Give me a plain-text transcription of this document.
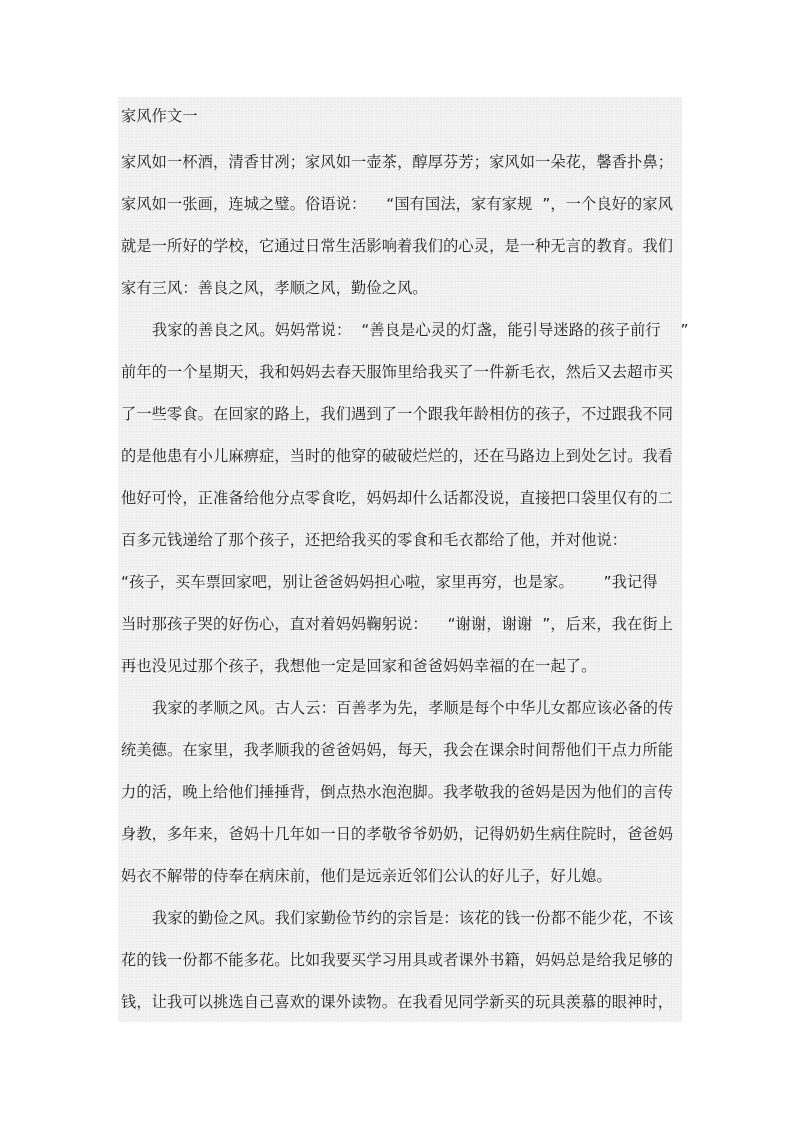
家风作文一
家风如一杯酒，清香甘冽；家风如一壶茶，醇厚芬芳；家风如一朵花，馨香扑鼻；
家风如一张画，连城之璧。俗语说：    “国有国法，家有家规  ”，一个良好的家风
就是一所好的学校，它通过日常生活影响着我们的心灵，是一种无言的教育。我们
家有三风：善良之风，孝顺之风，勤俭之风。
我家的善良之风。妈妈常说：  “善良是心灵的灯盏，能引导迷路的孩子前行    ”
前年的一个星期天，我和妈妈去春天服饰里给我买了一件新毛衣，然后又去超市买
了一些零食。在回家的路上，我们遇到了一个跟我年龄相仿的孩子，不过跟我不同
的是他患有小儿麻痹症，当时的他穿的破破烂烂的，还在马路边上到处乞讨。我看
他好可怜，正准备给他分点零食吃，妈妈却什么话都没说，直接把口袋里仅有的二
百多元钱递给了那个孩子，还把给我买的零食和毛衣都给了他，并对他说：
“孩子，买车票回家吧，别让爸爸妈妈担心啦，家里再穷，也是家。      ”我记得
当时那孩子哭的好伤心，直对着妈妈鞠躬说：    “谢谢，谢谢  ”，后来，我在街上
再也没见过那个孩子，我想他一定是回家和爸爸妈妈幸福的在一起了。
我家的孝顺之风。古人云：百善孝为先，孝顺是每个中华儿女都应该必备的传
统美德。在家里，我孝顺我的爸爸妈妈，每天，我会在课余时间帮他们干点力所能
力的活，晚上给他们捶捶背，倒点热水泡泡脚。我孝敬我的爸妈是因为他们的言传
身教，多年来，爸妈十几年如一日的孝敬爷爷奶奶，记得奶奶生病住院时，爸爸妈
妈衣不解带的侍奉在病床前，他们是远亲近邻们公认的好儿子，好儿媳。
我家的勤俭之风。我们家勤俭节约的宗旨是：该花的钱一份都不能少花，不该
花的钱一份都不能多花。比如我要买学习用具或者课外书籍，妈妈总是给我足够的
钱，让我可以挑选自己喜欢的课外读物。在我看见同学新买的玩具羡慕的眼神时，
